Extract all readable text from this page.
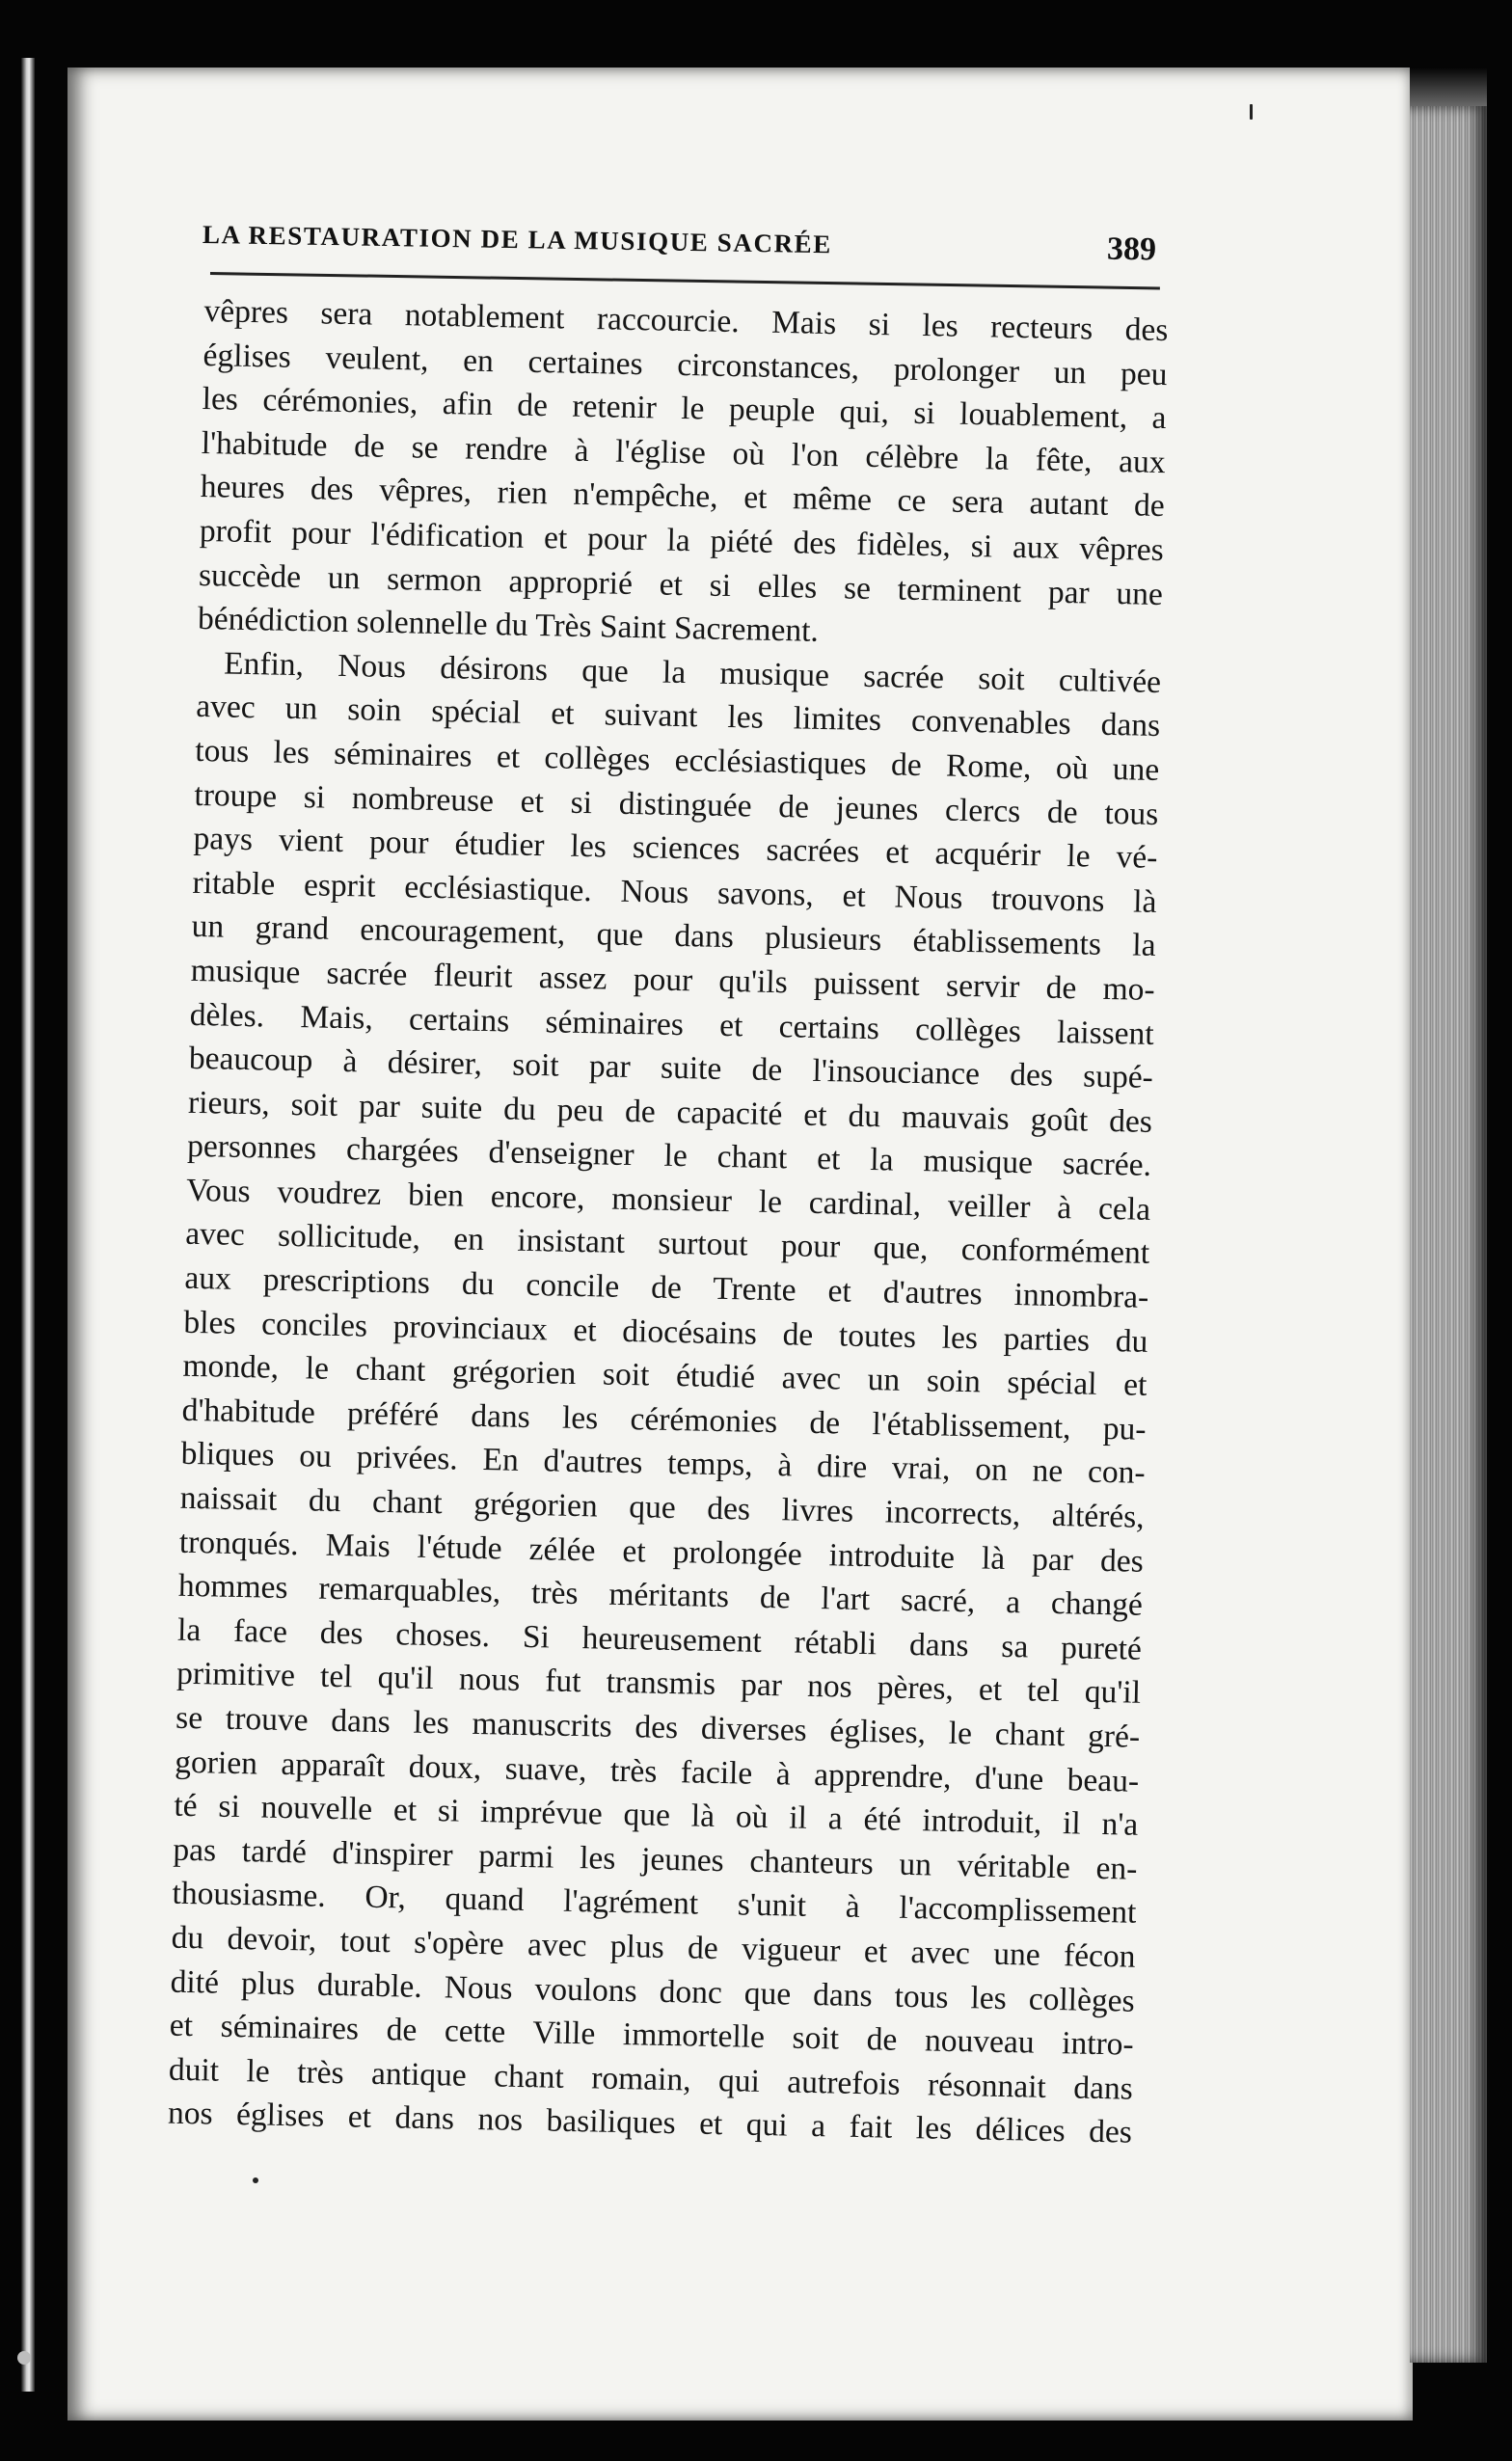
LA RESTAURATION DE LA MUSIQUE SACRÉE	389
vêpres sera notablement raccourcie. Mais si les recteurs des
églises veulent, en certaines circonstances, prolonger un peu
les cérémonies, afin de retenir le peuple qui, si louablement, a
l'habitude de se rendre à l'église où l'on célèbre la fête, aux
heures des vêpres, rien n'empêche, et même ce sera autant de
profit pour l'édification et pour la piété des fidèles, si aux vêpres
succède un sermon approprié et si elles se terminent par une
bénédiction solennelle du Très Saint Sacrement.
Enfin, Nous désirons que la musique sacrée soit cultivée
avec un soin spécial et suivant les limites convenables dans
tous les séminaires et collèges ecclésiastiques de Rome, où une
troupe si nombreuse et si distinguée de jeunes clercs de tous
pays vient pour étudier les sciences sacrées et acquérir le vé-
ritable esprit ecclésiastique. Nous savons, et Nous trouvons là
un grand encouragement, que dans plusieurs établissements la
musique sacrée fleurit assez pour qu'ils puissent servir de mo-
dèles. Mais, certains séminaires et certains collèges laissent
beaucoup à désirer, soit par suite de l'insouciance des supé-
rieurs, soit par suite du peu de capacité et du mauvais goût des
personnes chargées d'enseigner le chant et la musique sacrée.
Vous voudrez bien encore, monsieur le cardinal, veiller à cela
avec sollicitude, en insistant surtout pour que, conformément
aux prescriptions du concile de Trente et d'autres innombra-
bles conciles provinciaux et diocésains de toutes les parties du
monde, le chant grégorien soit étudié avec un soin spécial et
d'habitude préféré dans les cérémonies de l'établissement, pu-
bliques ou privées. En d'autres temps, à dire vrai, on ne con-
naissait du chant grégorien que des livres incorrects, altérés,
tronqués. Mais l'étude zélée et prolongée introduite là par des
hommes remarquables, très méritants de l'art sacré, a changé
la face des choses. Si heureusement rétabli dans sa pureté
primitive tel qu'il nous fut transmis par nos pères, et tel qu'il
se trouve dans les manuscrits des diverses églises, le chant gré-
gorien apparaît doux, suave, très facile à apprendre, d'une beau-
té si nouvelle et si imprévue que là où il a été introduit, il n'a
pas tardé d'inspirer parmi les jeunes chanteurs un véritable en-
thousiasme. Or, quand l'agrément s'unit à l'accomplissement
du devoir, tout s'opère avec plus de vigueur et avec une fécon
dité plus durable. Nous voulons donc que dans tous les collèges
et séminaires de cette Ville immortelle soit de nouveau intro-
duit le très antique chant romain, qui autrefois résonnait dans
nos églises et dans nos basiliques et qui a fait les délices des
